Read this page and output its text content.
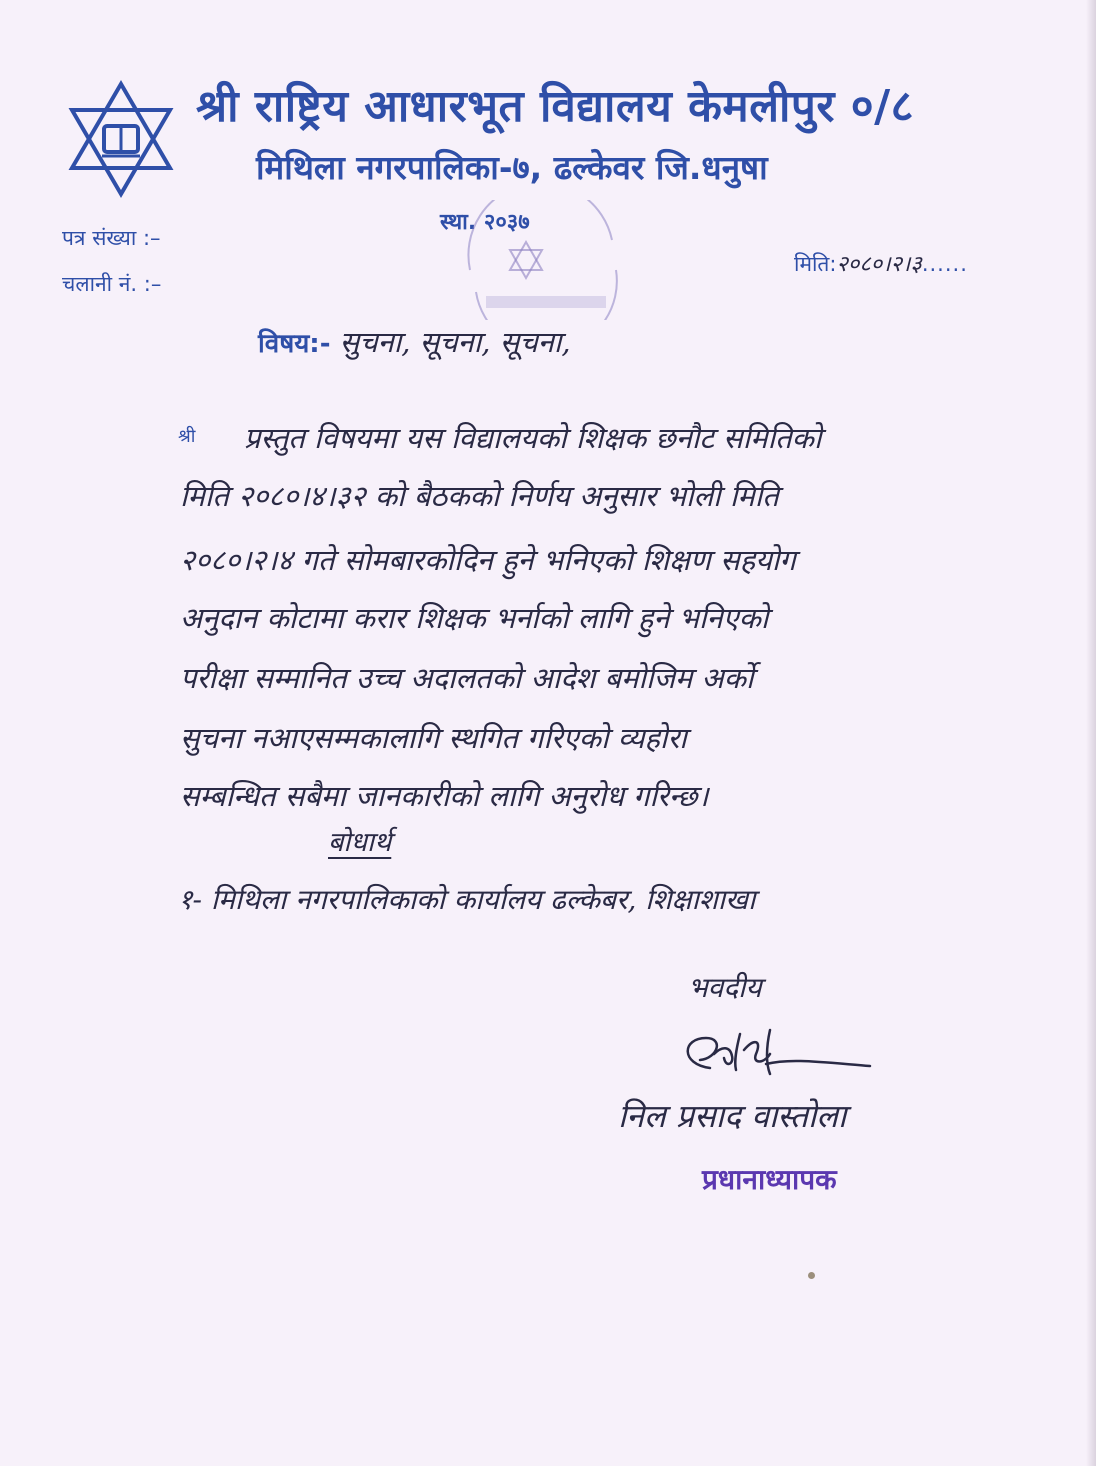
श्री राष्ट्रिय आधारभूत विद्यालय केमलीपुर ०/८
मिथिला नगरपालिका-७, ढल्केवर जि.धनुषा
स्था. २०३७
पत्र संख्या :–
चलानी नं. :–
मिति:२०८०।२।३......
विषय:- सुचना, सूचना, सूचना,
श्री प्रस्तुत विषयमा यस विद्यालयको शिक्षक छनौट समितिको
मिति २०८०।४।३२ को बैठकको निर्णय अनुसार भोली मिति
२०८०।२।४ गते सोमबारकोदिन हुने भनिएको शिक्षण सहयोग
अनुदान कोटामा करार शिक्षक भर्नाको लागि हुने भनिएको
परीक्षा सम्मानित उच्च अदालतको आदेश बमोजिम अर्को
सुचना नआएसम्मकालागि स्थगित गरिएको व्यहोरा
सम्बन्धित सबैमा जानकारीको लागि अनुरोध गरिन्छ।
बोधार्थ
१- मिथिला नगरपालिकाको कार्यालय ढल्केबर, शिक्षाशाखा
भवदीय
निल प्रसाद वास्तोला
प्रधानाध्यापक
